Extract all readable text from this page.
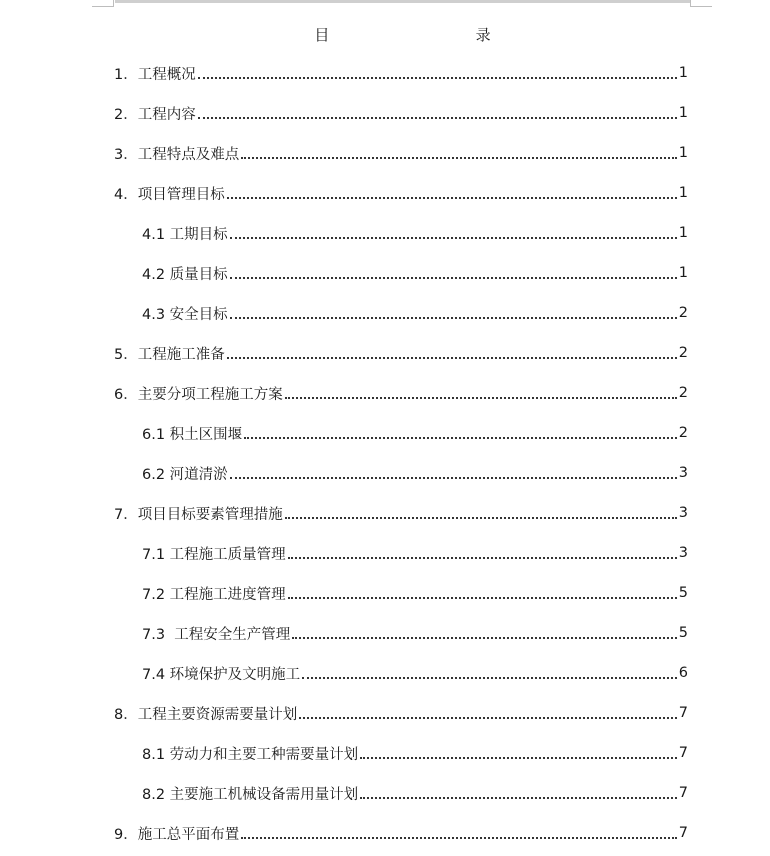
目   录
1．工程概况	1
2．工程内容	1
3．工程特点及难点	1
4．项目管理目标	1
4.1 工期目标	1
4.2 质量目标	1
4.3 安全目标	2
5．工程施工准备	2
6．主要分项工程施工方案	2
6.1 积土区围堰	2
6.2 河道清淤	3
7．项目目标要素管理措施	3
7.1 工程施工质量管理	3
7.2 工程施工进度管理	5
7.3  工程安全生产管理	5
7.4 环境保护及文明施工	6
8．工程主要资源需要量计划	7
8.1 劳动力和主要工种需要量计划	7
8.2 主要施工机械设备需用量计划	7
9．施工总平面布置	7
